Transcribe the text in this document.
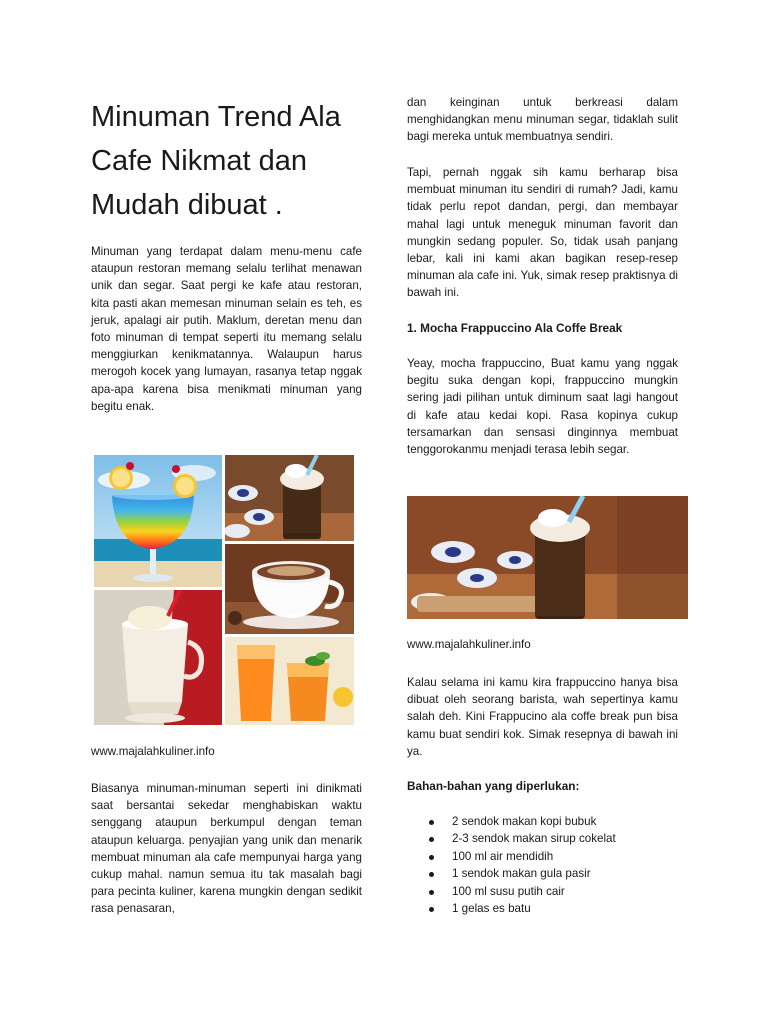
Minuman Trend Ala Cafe Nikmat dan Mudah dibuat .

Minuman yang terdapat dalam menu-menu cafe ataupun restoran memang selalu terlihat menawan unik dan segar. Saat pergi ke kafe atau restoran, kita pasti akan memesan minuman selain es teh, es jeruk, apalagi air putih. Maklum, deretan menu dan foto minuman di tempat seperti itu memang selalu menggiurkan kenikmatannya. Walaupun harus merogoh kocek yang lumayan, rasanya tetap nggak apa-apa karena bisa menikmati minuman yang begitu enak.

www.majalahkuliner.info

Biasanya minuman-minuman seperti ini dinikmati saat bersantai sekedar menghabiskan waktu senggang ataupun berkumpul dengan teman ataupun keluarga. penyajian yang unik dan menarik membuat minuman ala cafe mempunyai harga yang cukup mahal. namun semua itu tak masalah bagi para pecinta kuliner, karena mungkin dengan sedikit rasa penasaran,

dan keinginan untuk berkreasi dalam menghidangkan menu minuman segar, tidaklah sulit bagi mereka untuk membuatnya sendiri.

Tapi, pernah nggak sih kamu berharap bisa membuat minuman itu sendiri di rumah? Jadi, kamu tidak perlu repot dandan, pergi, dan membayar mahal lagi untuk meneguk minuman favorit dan mungkin sedang populer. So, tidak usah panjang lebar, kali ini kami akan bagikan resep-resep minuman ala cafe ini. Yuk, simak resep praktisnya di bawah ini.

1. Mocha Frappuccino Ala Coffe Break

Yeay, mocha frappuccino, Buat kamu yang nggak begitu suka dengan kopi, frappuccino mungkin sering jadi pilihan untuk diminum saat lagi hangout di kafe atau kedai kopi. Rasa kopinya cukup tersamarkan dan sensasi dinginnya membuat tenggorokanmu menjadi terasa lebih segar.

www.majalahkuliner.info

Kalau selama ini kamu kira frappuccino hanya bisa dibuat oleh seorang barista, wah sepertinya kamu salah deh. Kini Frappucino ala coffe break pun bisa kamu buat sendiri kok. Simak resepnya di bawah ini ya.

Bahan-bahan yang diperlukan:

2 sendok makan kopi bubuk
2-3 sendok makan sirup cokelat
100 ml air mendidih
1 sendok makan gula pasir
100 ml susu putih cair
1 gelas es batu
